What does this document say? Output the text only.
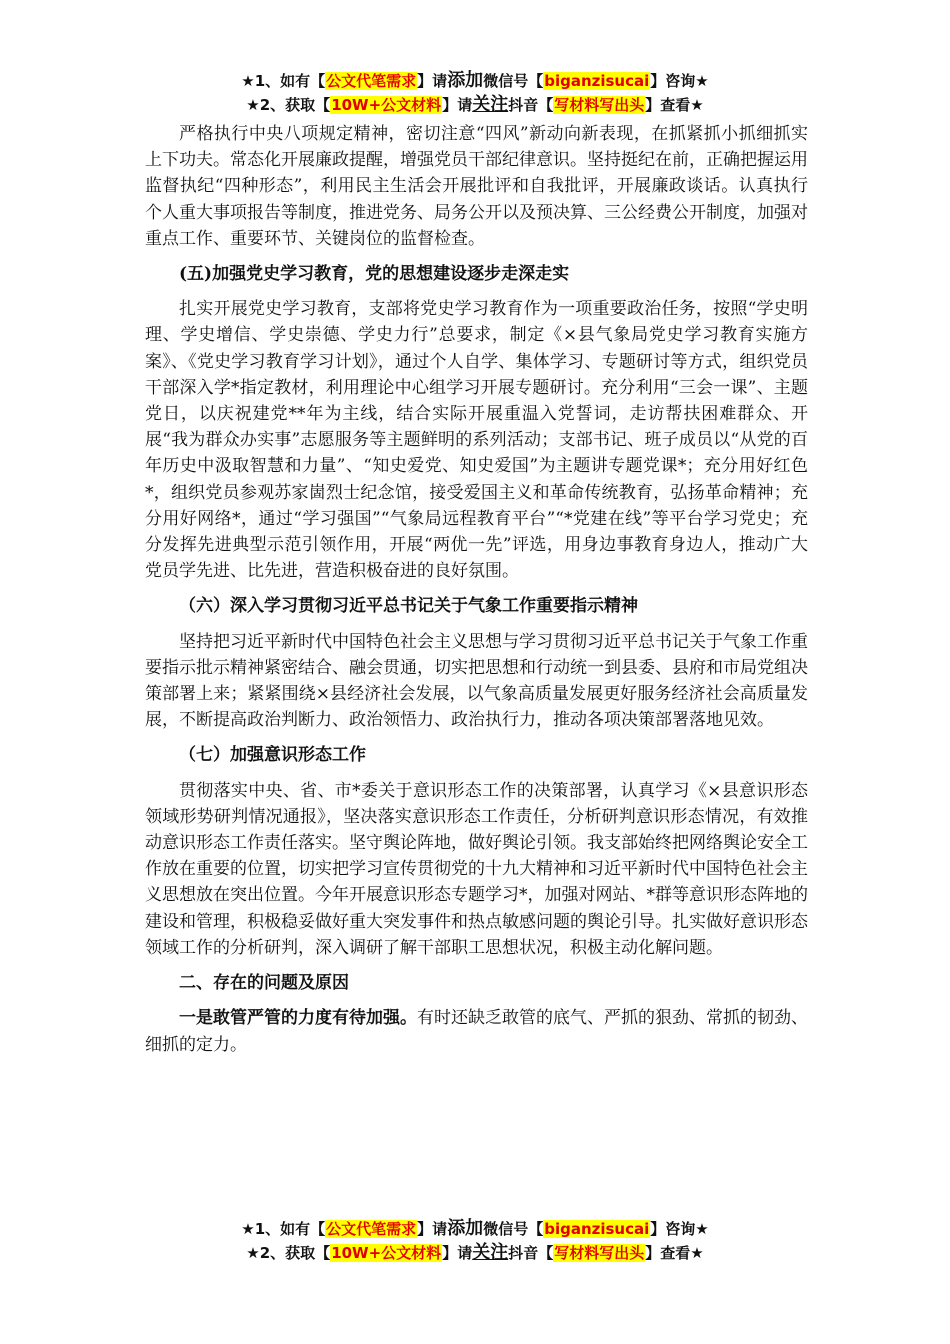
★1、如有【公文代笔需求】请添加微信号【biganzisucai】咨询★
★2、获取【10W+公文材料】请关注抖音【写材料写出头】查看★

严格执行中央八项规定精神，密切注意“四风”新动向新表现，在抓紧抓小抓细抓实上下功夫。常态化开展廉政提醒，增强党员干部纪律意识。坚持挺纪在前，正确把握运用监督执纪“四种形态”，利用民主生活会开展批评和自我批评，开展廉政谈话。认真执行个人重大事项报告等制度，推进党务、局务公开以及预决算、三公经费公开制度，加强对重点工作、重要环节、关键岗位的监督检查。

(五)加强党史学习教育，党的思想建设逐步走深走实

扎实开展党史学习教育，支部将党史学习教育作为一项重要政治任务，按照“学史明理、学史增信、学史崇德、学史力行”总要求，制定《×县气象局党史学习教育实施方案》、《党史学习教育学习计划》，通过个人自学、集体学习、专题研讨等方式，组织党员干部深入学*指定教材，利用理论中心组学习开展专题研讨。充分利用“三会一课”、主题党日，以庆祝建党**年为主线，结合实际开展重温入党誓词，走访帮扶困难群众、开展“我为群众办实事”志愿服务等主题鲜明的系列活动；支部书记、班子成员以“从党的百年历史中汲取智慧和力量”、“知史爱党、知史爱国”为主题讲专题党课*；充分用好红色*，组织党员参观苏家崮烈士纪念馆，接受爱国主义和革命传统教育，弘扬革命精神；充分用好网络*，通过“学习强国”“气象局远程教育平台”“*党建在线”等平台学习党史；充分发挥先进典型示范引领作用，开展“两优一先”评选，用身边事教育身边人，推动广大党员学先进、比先进，营造积极奋进的良好氛围。

（六）深入学习贯彻习近平总书记关于气象工作重要指示精神

坚持把习近平新时代中国特色社会主义思想与学习贯彻习近平总书记关于气象工作重要指示批示精神紧密结合、融会贯通，切实把思想和行动统一到县委、县府和市局党组决策部署上来；紧紧围绕×县经济社会发展，以气象高质量发展更好服务经济社会高质量发展，不断提高政治判断力、政治领悟力、政治执行力，推动各项决策部署落地见效。

（七）加强意识形态工作

贯彻落实中央、省、市*委关于意识形态工作的决策部署，认真学习《×县意识形态领域形势研判情况通报》，坚决落实意识形态工作责任，分析研判意识形态情况，有效推动意识形态工作责任落实。坚守舆论阵地，做好舆论引领。我支部始终把网络舆论安全工作放在重要的位置，切实把学习宣传贯彻党的十九大精神和习近平新时代中国特色社会主义思想放在突出位置。今年开展意识形态专题学习*，加强对网站、*群等意识形态阵地的建设和管理，积极稳妥做好重大突发事件和热点敏感问题的舆论引导。扎实做好意识形态领域工作的分析研判，深入调研了解干部职工思想状况，积极主动化解问题。

二、存在的问题及原因

一是敢管严管的力度有待加强。有时还缺乏敢管的底气、严抓的狠劲、常抓的韧劲、细抓的定力。

★1、如有【公文代笔需求】请添加微信号【biganzisucai】咨询★
★2、获取【10W+公文材料】请关注抖音【写材料写出头】查看★
